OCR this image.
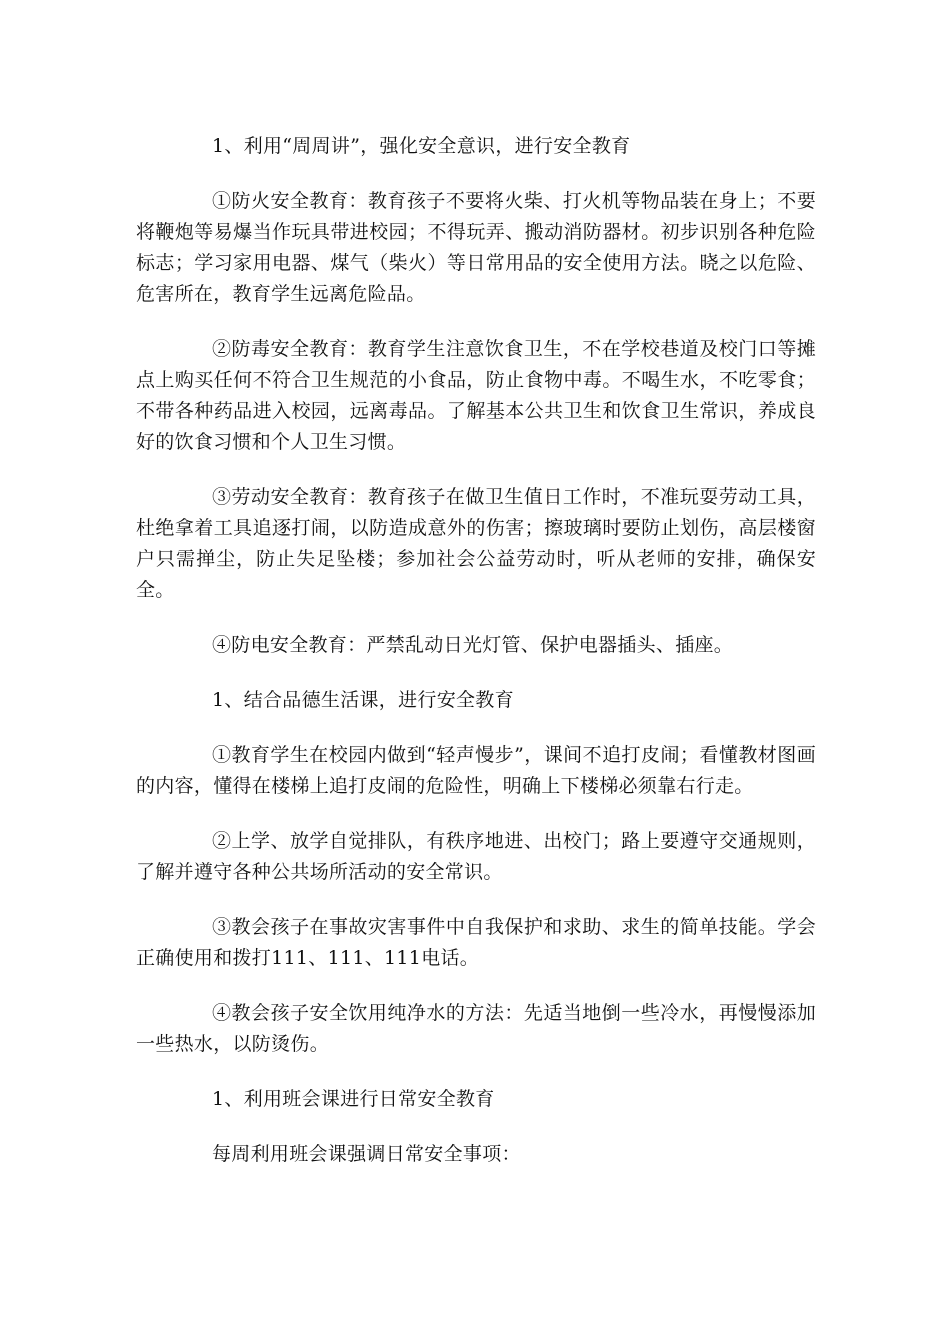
1、利用“周周讲”，强化安全意识，进行安全教育

①防火安全教育：教育孩子不要将火柴、打火机等物品装在身上；不要将鞭炮等易爆当作玩具带进校园；不得玩弄、搬动消防器材。初步识别各种危险标志；学习家用电器、煤气（柴火）等日常用品的安全使用方法。晓之以危险、危害所在，教育学生远离危险品。

②防毒安全教育：教育学生注意饮食卫生，不在学校巷道及校门口等摊点上购买任何不符合卫生规范的小食品，防止食物中毒。不喝生水，不吃零食；不带各种药品进入校园，远离毒品。了解基本公共卫生和饮食卫生常识，养成良好的饮食习惯和个人卫生习惯。

③劳动安全教育：教育孩子在做卫生值日工作时，不准玩耍劳动工具，杜绝拿着工具追逐打闹，以防造成意外的伤害；擦玻璃时要防止划伤，高层楼窗户只需掸尘，防止失足坠楼；参加社会公益劳动时，听从老师的安排，确保安全。

④防电安全教育：严禁乱动日光灯管、保护电器插头、插座。

1、结合品德生活课，进行安全教育

①教育学生在校园内做到“轻声慢步”，课间不追打皮闹；看懂教材图画的内容，懂得在楼梯上追打皮闹的危险性，明确上下楼梯必须靠右行走。

②上学、放学自觉排队，有秩序地进、出校门；路上要遵守交通规则，了解并遵守各种公共场所活动的安全常识。

③教会孩子在事故灾害事件中自我保护和求助、求生的简单技能。学会正确使用和拨打111、111、111电话。

④教会孩子安全饮用纯净水的方法：先适当地倒一些冷水，再慢慢添加一些热水，以防烫伤。

1、利用班会课进行日常安全教育

每周利用班会课强调日常安全事项：
